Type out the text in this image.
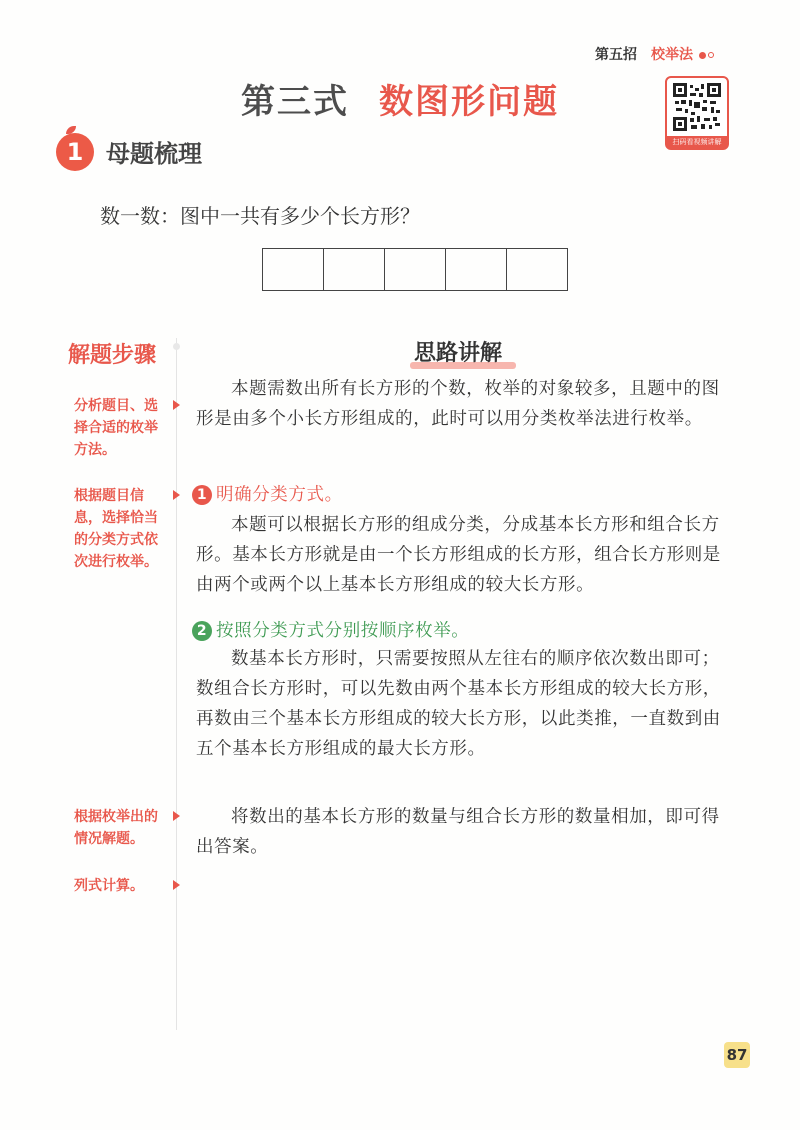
第五招 校举法
第三式 数图形问题
扫码看视频讲解
1 母题梳理
数一数：图中一共有多少个长方形？
解题步骤
分析题目、选择合适的枚举方法。
根据题目信息，选择恰当的分类方式依次进行枚举。
根据枚举出的情况解题。
列式计算。
思路讲解
本题需数出所有长方形的个数，枚举的对象较多，且题中的图形是由多个小长方形组成的，此时可以用分类枚举法进行枚举。
1 明确分类方式。
本题可以根据长方形的组成分类，分成基本长方形和组合长方形。基本长方形就是由一个长方形组成的长方形，组合长方形则是由两个或两个以上基本长方形组成的较大长方形。
2 按照分类方式分别按顺序枚举。
数基本长方形时，只需要按照从左往右的顺序依次数出即可；数组合长方形时，可以先数由两个基本长方形组成的较大长方形，再数由三个基本长方形组成的较大长方形，以此类推，一直数到由五个基本长方形组成的最大长方形。
将数出的基本长方形的数量与组合长方形的数量相加，即可得出答案。
87
